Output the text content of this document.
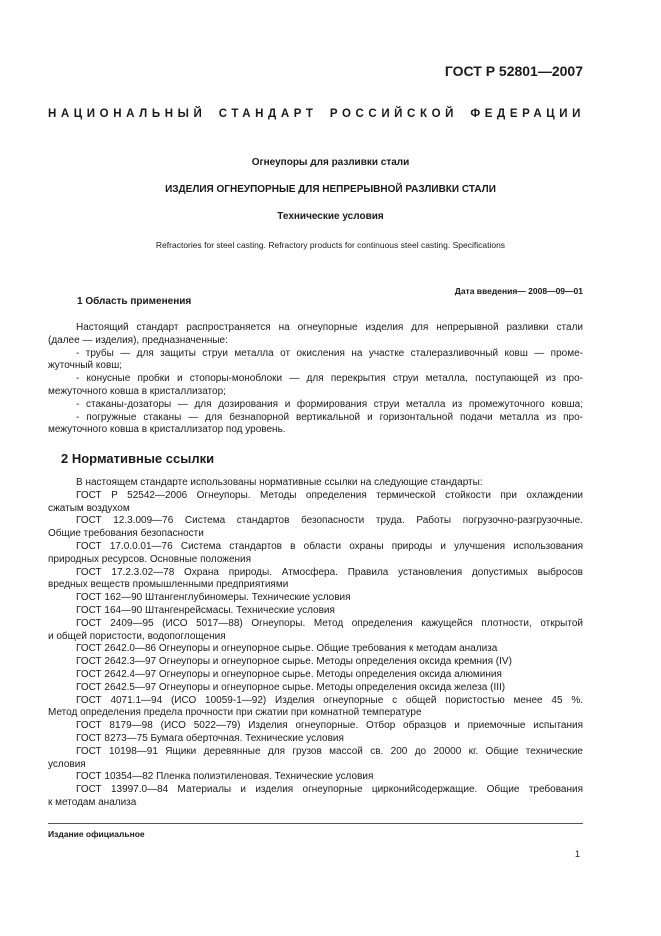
ГОСТ Р 52801—2007
НАЦИОНАЛЬНЫЙ СТАНДАРТ РОССИЙСКОЙ ФЕДЕРАЦИИ
Огнеупоры для разливки стали
ИЗДЕЛИЯ ОГНЕУПОРНЫЕ ДЛЯ НЕПРЕРЫВНОЙ РАЗЛИВКИ СТАЛИ
Технические условия
Refractories for steel casting. Refractory products for continuous steel casting. Specifications
Дата введения— 2008—09—01
1 Область применения

Настоящий стандарт распространяется на огнеупорные изделия для непрерывной разливки стали

(далее — изделия), предназначенные:

- трубы — для защиты струи металла от окисления на участке сталеразливочный ковш — проме-

жуточный ковш;

- конусные пробки и стопоры-моноблоки — для перекрытия струи металла, поступающей из про-

межуточного ковша в кристаллизатор;

- стаканы-дозаторы — для дозирования и формирования струи металла из промежуточного ковша;

- погружные стаканы — для безнапорной вертикальной и горизонтальной подачи металла из про-

межуточного ковша в кристаллизатор под уровень.

2 Нормативные ссылки

В настоящем стандарте использованы нормативные ссылки на следующие стандарты:

ГОСТ Р 52542—2006 Огнеупоры. Методы определения термической стойкости при охлаждении

сжатым воздухом

ГОСТ 12.3.009—76 Система стандартов безопасности труда. Работы погрузочно-разгрузочные.

Общие требования безопасности

ГОСТ 17.0.0.01—76 Система стандартов в области охраны природы и улучшения использования

природных ресурсов. Основные положения

ГОСТ 17.2.3.02—78 Охрана природы. Атмосфера. Правила установления допустимых выбросов

вредных веществ промышленными предприятиями

ГОСТ 162—90 Штангенглубиномеры. Технические условия

ГОСТ 164—90 Штангенрейсмасы. Технические условия

ГОСТ 2409—95 (ИСО 5017—88) Огнеупоры. Метод определения кажущейся плотности, открытой

и общей пористости, водопоглощения

ГОСТ 2642.0—86 Огнеупоры и огнеупорное сырье. Общие требования к методам анализа

ГОСТ 2642.3—97 Огнеупоры и огнеупорное сырье. Методы определения оксида кремния (IV)

ГОСТ 2642.4—97 Огнеупоры и огнеупорное сырье. Методы определения оксида алюминия

ГОСТ 2642.5—97 Огнеупоры и огнеупорное сырье. Методы определения оксида железа (III)

ГОСТ 4071.1—94 (ИСО 10059-1—92) Изделия огнеупорные с общей пористостью менее 45 %.

Метод определения предела прочности при сжатии при комнатной температуре

ГОСТ 8179—98 (ИСО 5022—79) Изделия огнеупорные. Отбор образцов и приемочные испытания

ГОСТ 8273—75 Бумага оберточная. Технические условия

ГОСТ 10198—91 Ящики деревянные для грузов массой св. 200 до 20000 кг. Общие технические

условия

ГОСТ 10354—82 Пленка полиэтиленовая. Технические условия

ГОСТ 13997.0—84 Материалы и изделия огнеупорные цирконийсодержащие. Общие требования

к методам анализа

Издание официальное
1
